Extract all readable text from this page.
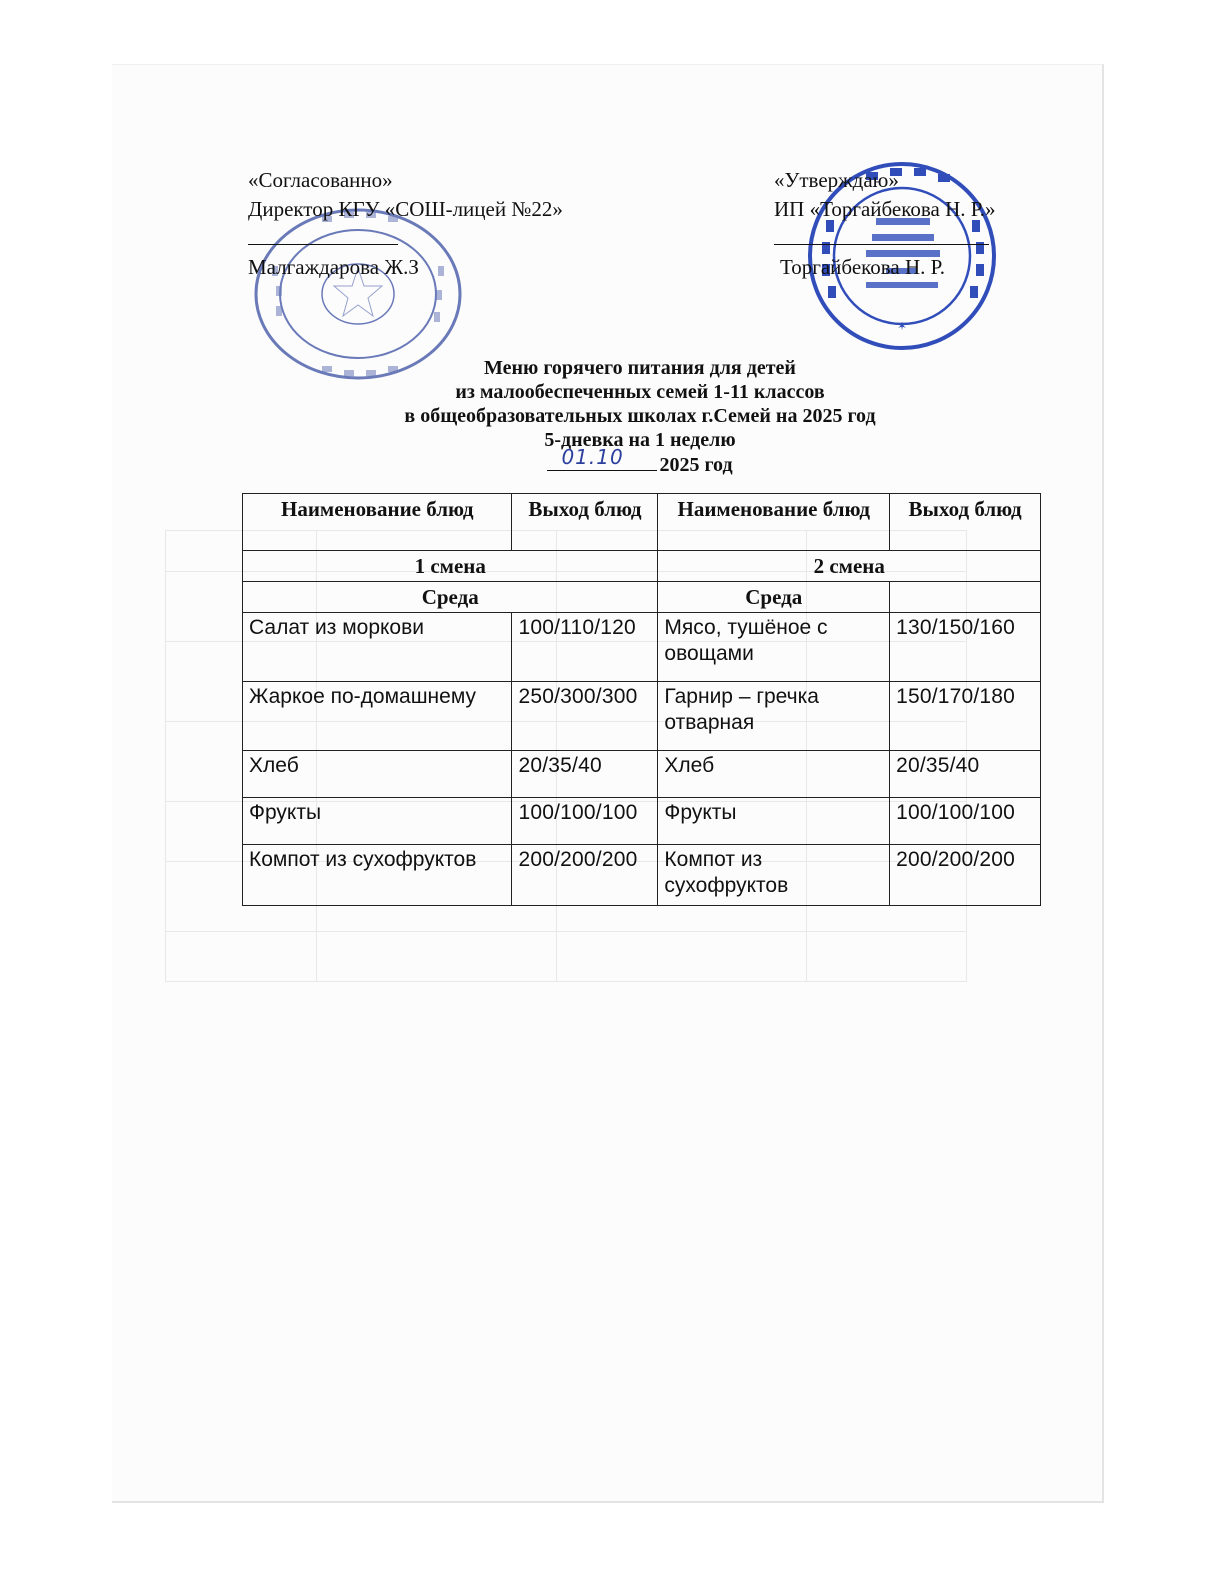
✶
«Согласованно»
Директор КГУ «СОШ-лицей №22»
Малгаждарова Ж.З
«Утверждаю»
ИП «Торгайбекова Н. Р.»
Торгайбекова Н. Р.
Меню горячего питания для детей
из малообеспеченных семей 1-11 классов
в общеобразовательных школах г.Семей на 2025 год
5-дневка на 1 неделю
01.10 2025 год
Наименование блюд	Выход блюд	Наименование блюд	Выход блюд
1 смена		2 смена	
Среда		Среда	
Салат из моркови	100/110/120	Мясо, тушёное с овощами	130/150/160
Жаркое по-домашнему	250/300/300	Гарнир – гречка отварная	150/170/180
Хлеб	20/35/40	Хлеб	20/35/40
Фрукты	100/100/100	Фрукты	100/100/100
Компот из сухофруктов	200/200/200	Компот из сухофруктов	200/200/200
